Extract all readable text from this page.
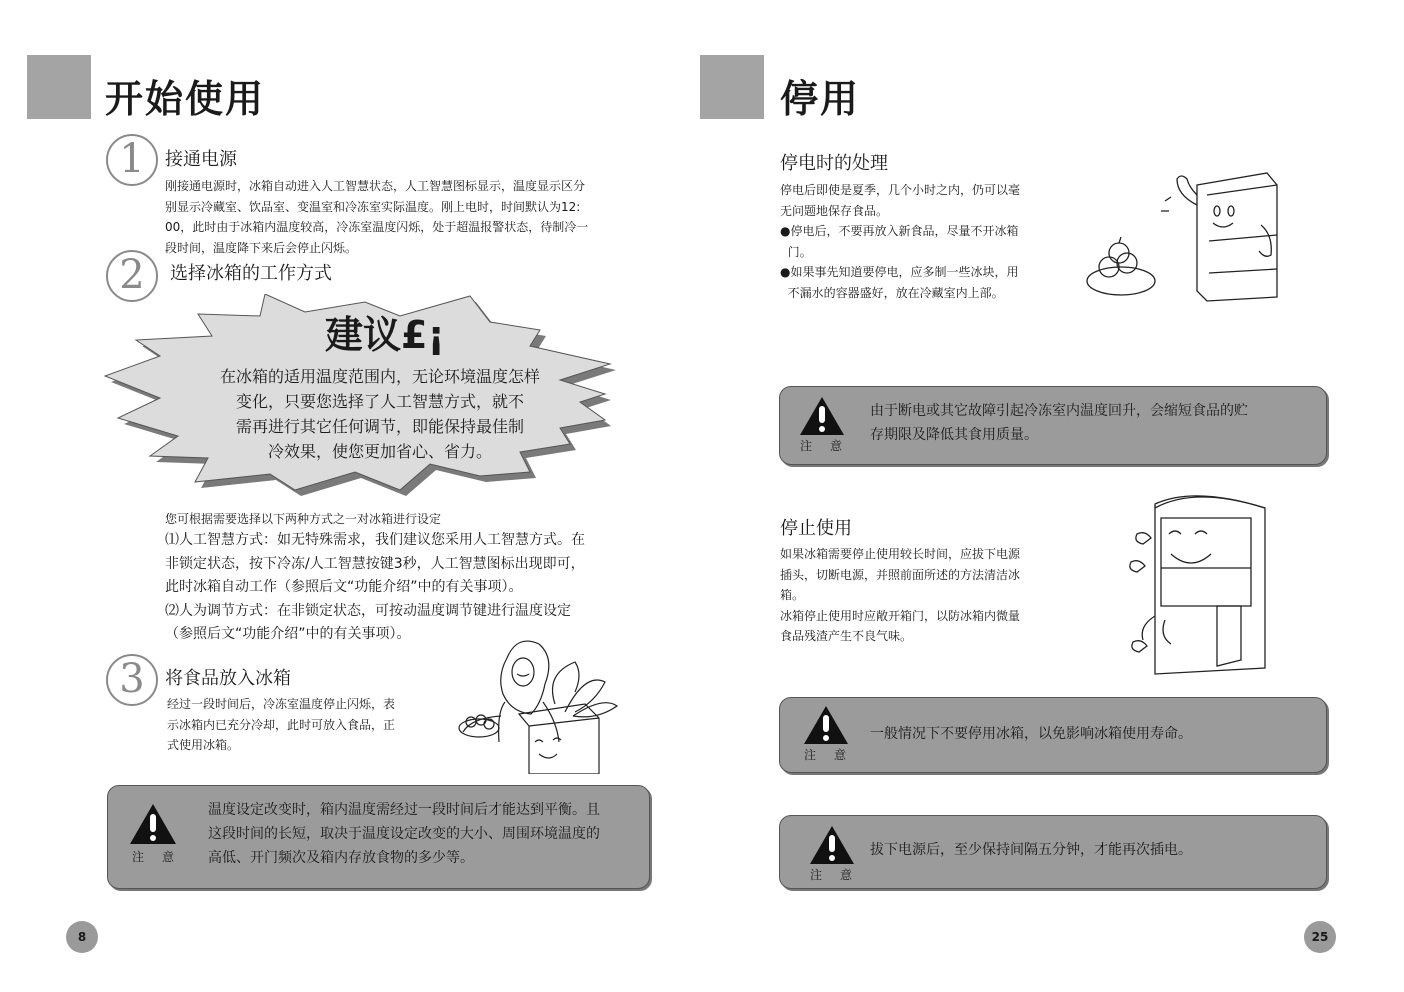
开始使用
1	接通电源
刚接通电源时，冰箱自动进入人工智慧状态，人工智慧图标显示，温度显示区分
别显示冷藏室、饮品室、变温室和冷冻室实际温度。刚上电时，时间默认为12:
00，此时由于冰箱内温度较高，冷冻室温度闪烁，处于超温报警状态，待制冷一
段时间，温度降下来后会停止闪烁。
2	选择冰箱的工作方式
建议£¡
在冰箱的适用温度范围内，无论环境温度怎样
变化，只要您选择了人工智慧方式，就不
需再进行其它任何调节，即能保持最佳制
冷效果，使您更加省心、省力。
您可根据需要选择以下两种方式之一对冰箱进行设定
⑴人工智慧方式：如无特殊需求，我们建议您采用人工智慧方式。在
非锁定状态，按下冷冻/人工智慧按键3秒，人工智慧图标出现即可，
此时冰箱自动工作（参照后文“功能介绍”中的有关事项）。
⑵人为调节方式：在非锁定状态，可按动温度调节键进行温度设定
（参照后文“功能介绍”中的有关事项）。
3	将食品放入冰箱
经过一段时间后，冷冻室温度停止闪烁，表
示冰箱内已充分冷却，此时可放入食品，正
式使用冰箱。
注意
温度设定改变时，箱内温度需经过一段时间后才能达到平衡。且
这段时间的长短，取决于温度设定改变的大小、周围环境温度的
高低、开门频次及箱内存放食物的多少等。
8
停用
停电时的处理
停电后即使是夏季，几个小时之内，仍可以毫
无问题地保存食品。
●停电后，不要再放入新食品，尽量不开冰箱
门。
●如果事先知道要停电，应多制一些冰块，用
不漏水的容器盛好，放在冷藏室内上部。
注意
由于断电或其它故障引起冷冻室内温度回升，会缩短食品的贮
存期限及降低其食用质量。
停止使用
如果冰箱需要停止使用较长时间，应拔下电源
插头，切断电源，并照前面所述的方法清洁冰
箱。
冰箱停止使用时应敞开箱门，以防冰箱内微量
食品残渣产生不良气味。
注意
一般情况下不要停用冰箱，以免影响冰箱使用寿命。
注意
拔下电源后，至少保持间隔五分钟，才能再次插电。
25
